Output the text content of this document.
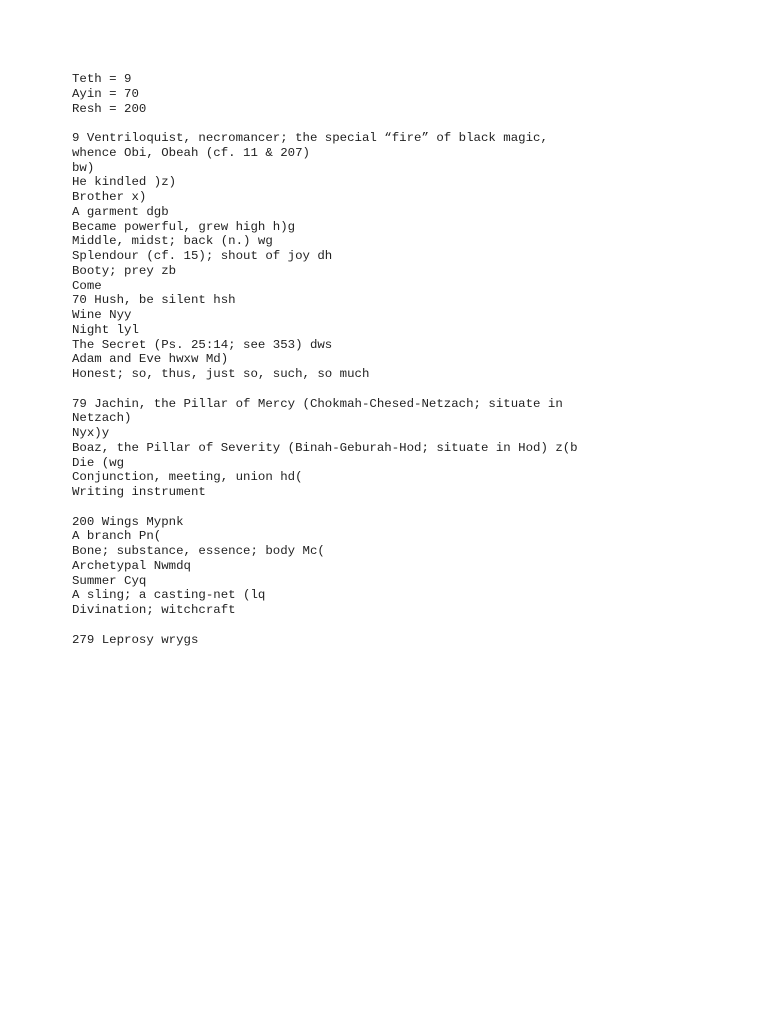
Teth = 9
Ayin = 70
Resh = 200
9 Ventriloquist, necromancer; the special “fire” of black magic,
whence Obi, Obeah (cf. 11 & 207)
bw)
He kindled )z)
Brother x)
A garment dgb
Became powerful, grew high h)g
Middle, midst; back (n.) wg
Splendour (cf. 15); shout of joy dh
Booty; prey zb
Come
70 Hush, be silent hsh
Wine Nyy
Night lyl
The Secret (Ps. 25:14; see 353) dws
Adam and Eve hwxw Md)
Honest; so, thus, just so, such, so much
79 Jachin, the Pillar of Mercy (Chokmah-Chesed-Netzach; situate in
Netzach)
Nyx)y
Boaz, the Pillar of Severity (Binah-Geburah-Hod; situate in Hod) z(b
Die (wg
Conjunction, meeting, union hd(
Writing instrument
200 Wings Mypnk
A branch Pn(
Bone; substance, essence; body Mc(
Archetypal Nwmdq
Summer Cyq
A sling; a casting-net (lq
Divination; witchcraft
279 Leprosy wrygs
